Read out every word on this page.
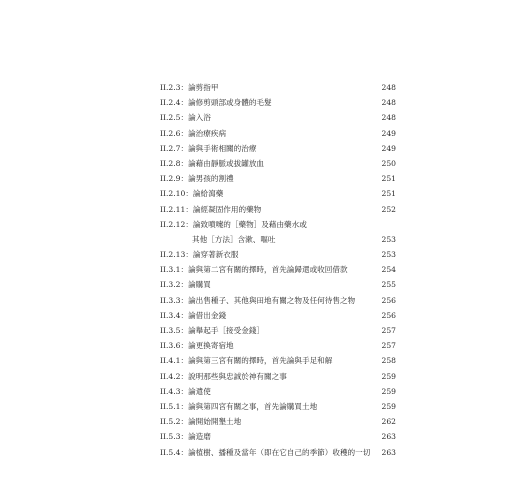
II.2.3： 論剪指甲	248
II.2.4： 論修剪頭部或身體的毛髮	248
II.2.5： 論入浴	248
II.2.6： 論治療疾病	249
II.2.7： 論與手術相關的治療	249
II.2.8： 論藉由靜脈或拔罐放血	250
II.2.9： 論男孩的割禮	251
II.2.10： 論給瀉藥	251
II.2.11： 論經凝固作用的藥物	252
II.2.12： 論致噴嚏的［藥物］及藉由藥水或
其他［方法］含漱、嘔吐	253
II.2.13： 論穿著新衣服	253
II.3.1： 論與第二宮有關的擇時，首先論歸還或收回借款	254
II.3.2： 論購買	255
II.3.3： 論出售種子、其他與田地有關之物及任何待售之物	256
II.3.4： 論借出金錢	256
II.3.5： 論舉起手［接受金錢］	257
II.3.6： 論更換寄宿地	257
II.4.1： 論與第三宮有關的擇時，首先論與手足和解	258
II.4.2： 說明那些與忠誠於神有關之事	259
II.4.3： 論遣使	259
II.5.1： 論與第四宮有關之事，首先論購買土地	259
II.5.2： 論開始開墾土地	262
II.5.3： 論造磨	263
II.5.4： 論植樹、播種及當年（即在它自己的季節）收穫的一切	263
